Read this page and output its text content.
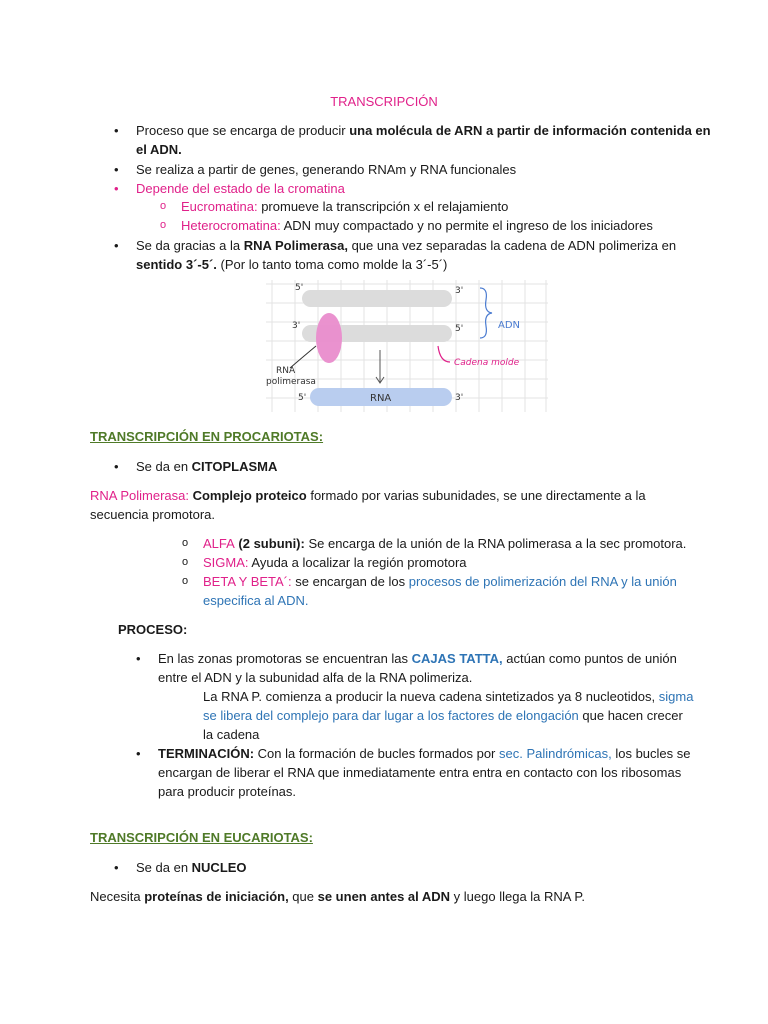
TRANSCRIPCIÓN
• Proceso que se encarga de producir una molécula de ARN a partir de información contenida en
el ADN.
• Se realiza a partir de genes, generando RNAm y RNA funcionales
• Depende del estado de la cromatina
o Eucromatina: promueve la transcripción x el relajamiento
o Heterocromatina: ADN muy compactado y no permite el ingreso de los iniciadores
• Se da gracias a la RNA Polimerasa, que una vez separadas la cadena de ADN polimeriza en
sentido 3´-5´. (Por lo tanto toma como molde la 3´-5´)
5'	3'
3'	5'	ADN
Cadena molde
RNA
polimerasa
5'	RNA	3'
TRANSCRIPCIÓN EN PROCARIOTAS:
• Se da en CITOPLASMA
RNA Polimerasa: Complejo proteico formado por varias subunidades, se une directamente a la
secuencia promotora.
o ALFA (2 subuni): Se encarga de la unión de la RNA polimerasa a la sec promotora.
o SIGMA: Ayuda a localizar la región promotora
o BETA Y BETA´: se encargan de los procesos de polimerización del RNA y la unión
especifica al ADN.
PROCESO:
• En las zonas promotoras se encuentran las CAJAS TATTA, actúan como puntos de unión
entre el ADN y la subunidad alfa de la RNA polimeriza.
La RNA P. comienza a producir la nueva cadena sintetizados ya 8 nucleotidos, sigma
se libera del complejo para dar lugar a los factores de elongación que hacen crecer
la cadena
• TERMINACIÓN: Con la formación de bucles formados por sec. Palindrómicas, los bucles se
encargan de liberar el RNA que inmediatamente entra entra en contacto con los ribosomas
para producir proteínas.
TRANSCRIPCIÓN EN EUCARIOTAS:
• Se da en NUCLEO
Necesita proteínas de iniciación, que se unen antes al ADN y luego llega la RNA P.
